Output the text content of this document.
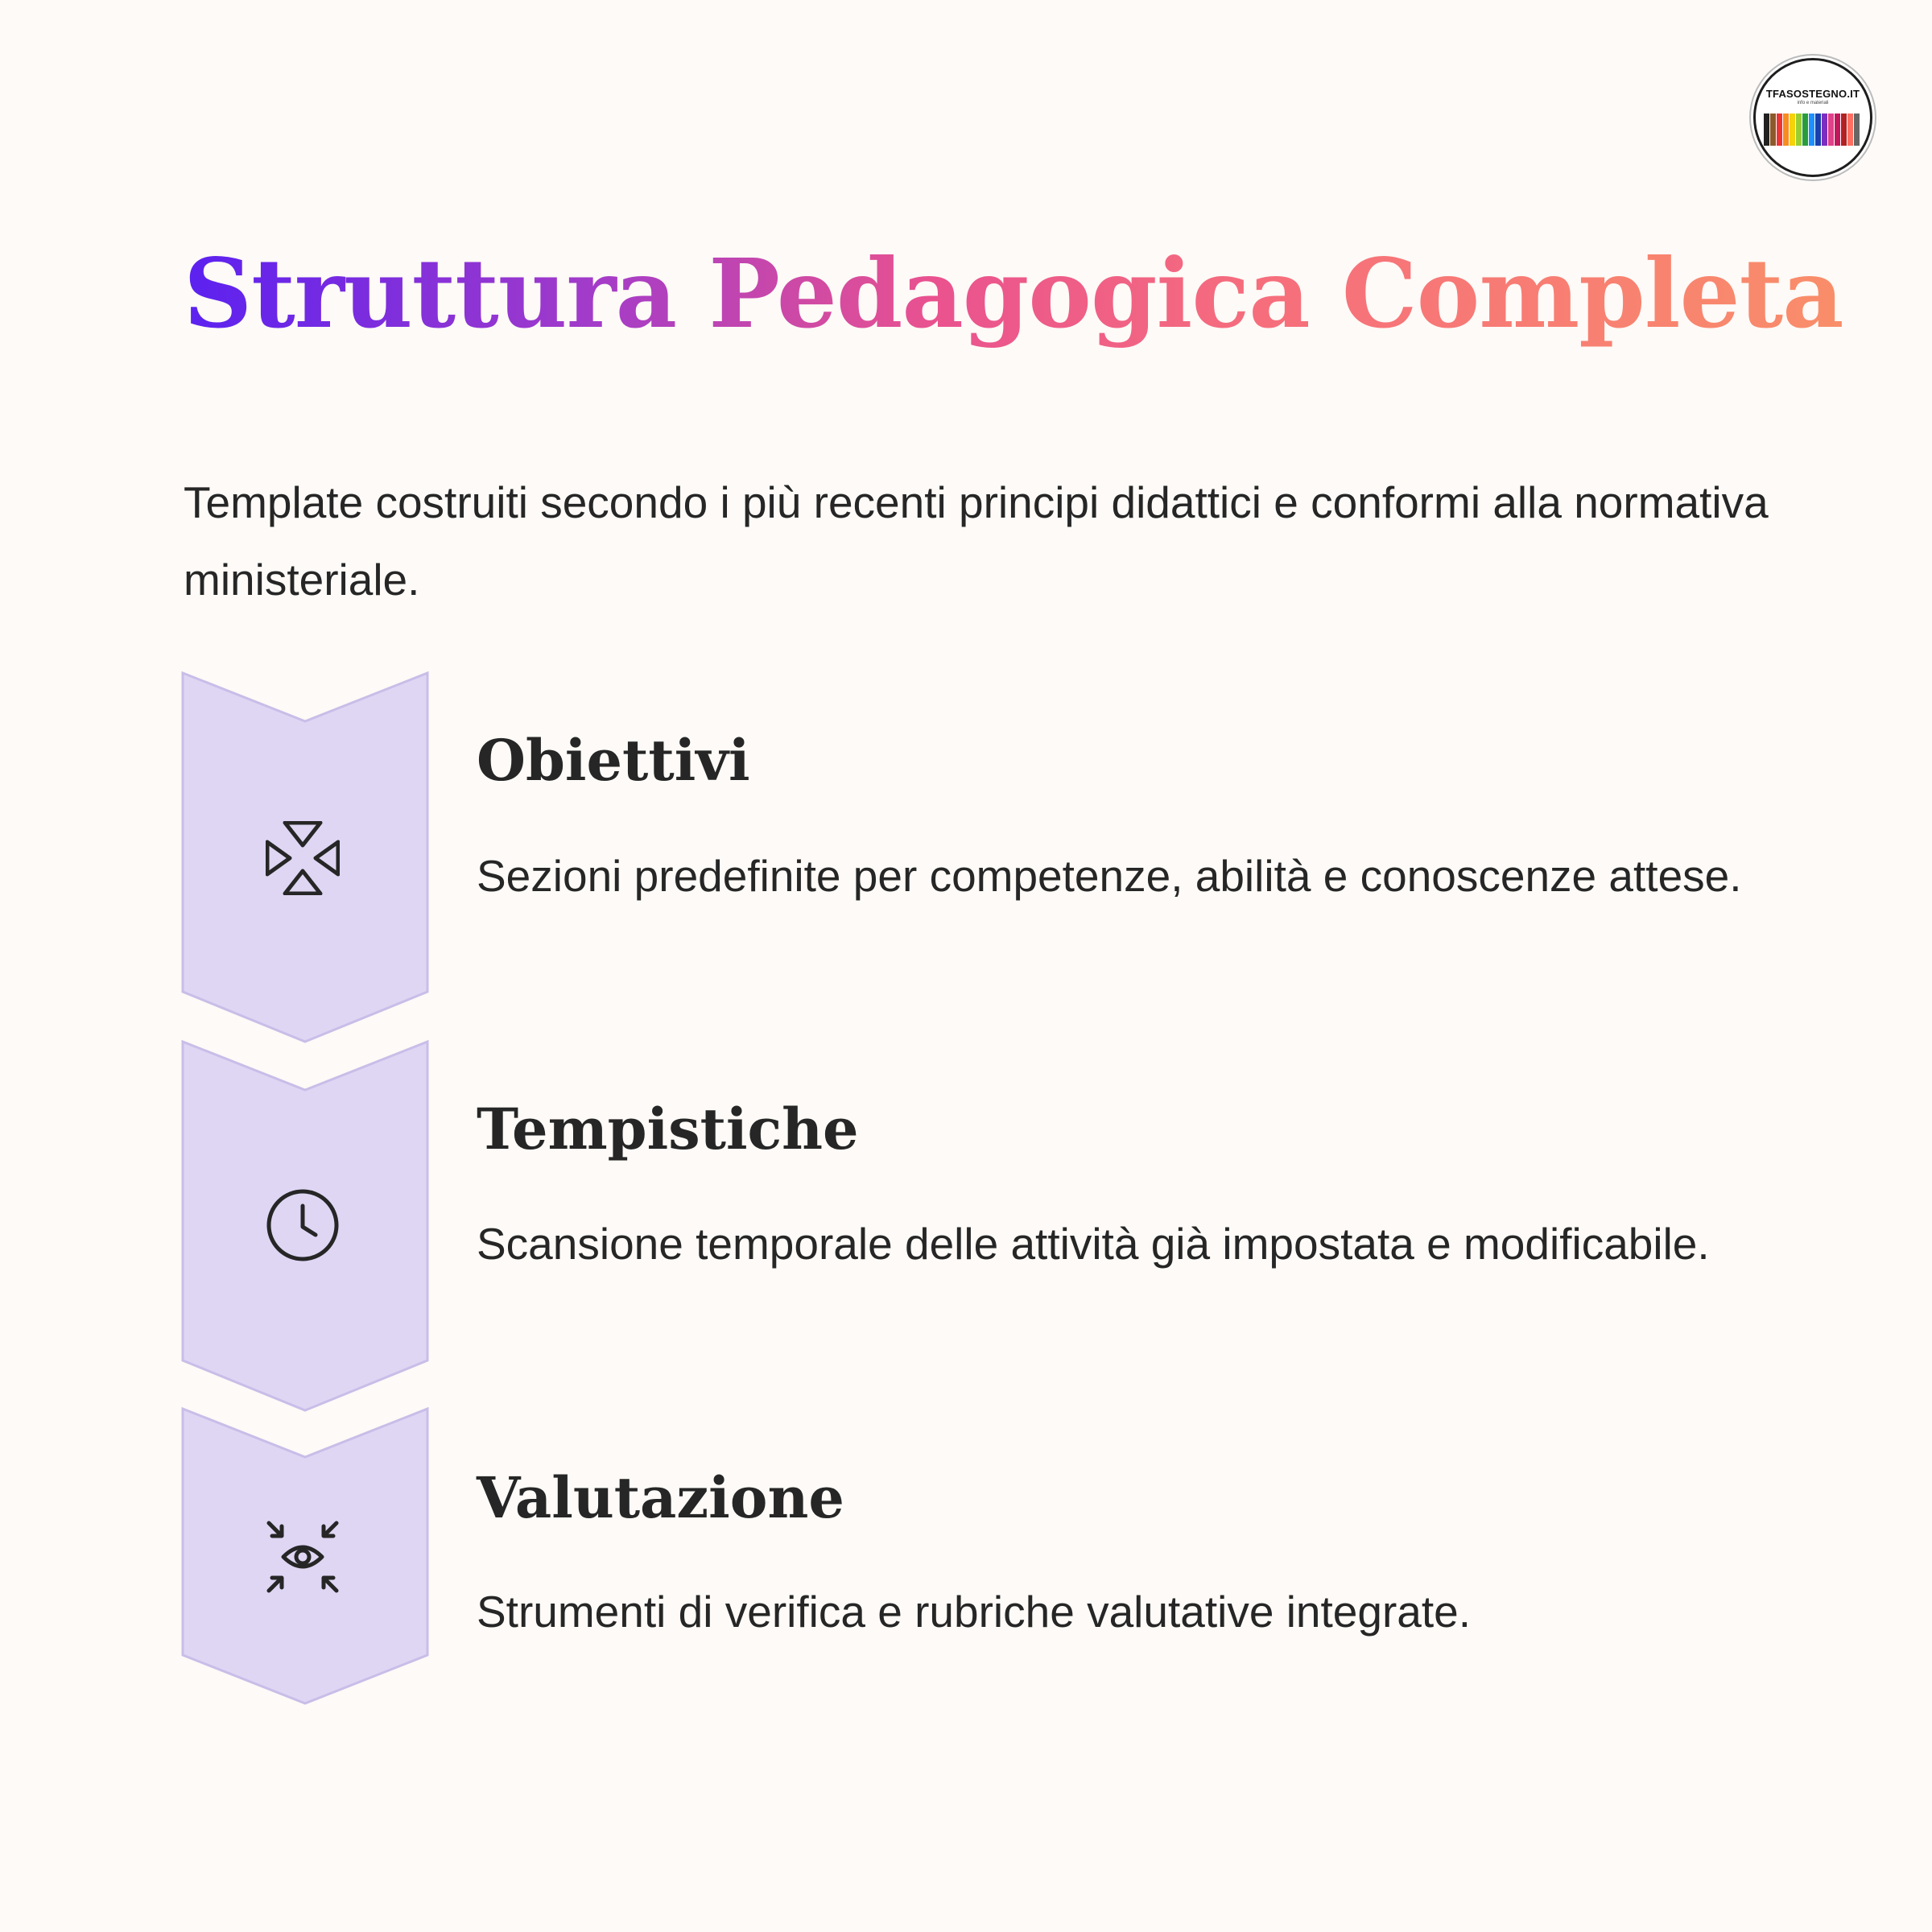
TFASOSTEGNO.IT
info e materiali
Struttura Pedagogica Completa

Template costruiti secondo i più recenti principi didattici e conformi alla normativa ministeriale.

Obiettivi

Sezioni predefinite per competenze, abilità e conoscenze attese.

Tempistiche

Scansione temporale delle attività già impostata e modificabile.

Valutazione

Strumenti di verifica e rubriche valutative integrate.
